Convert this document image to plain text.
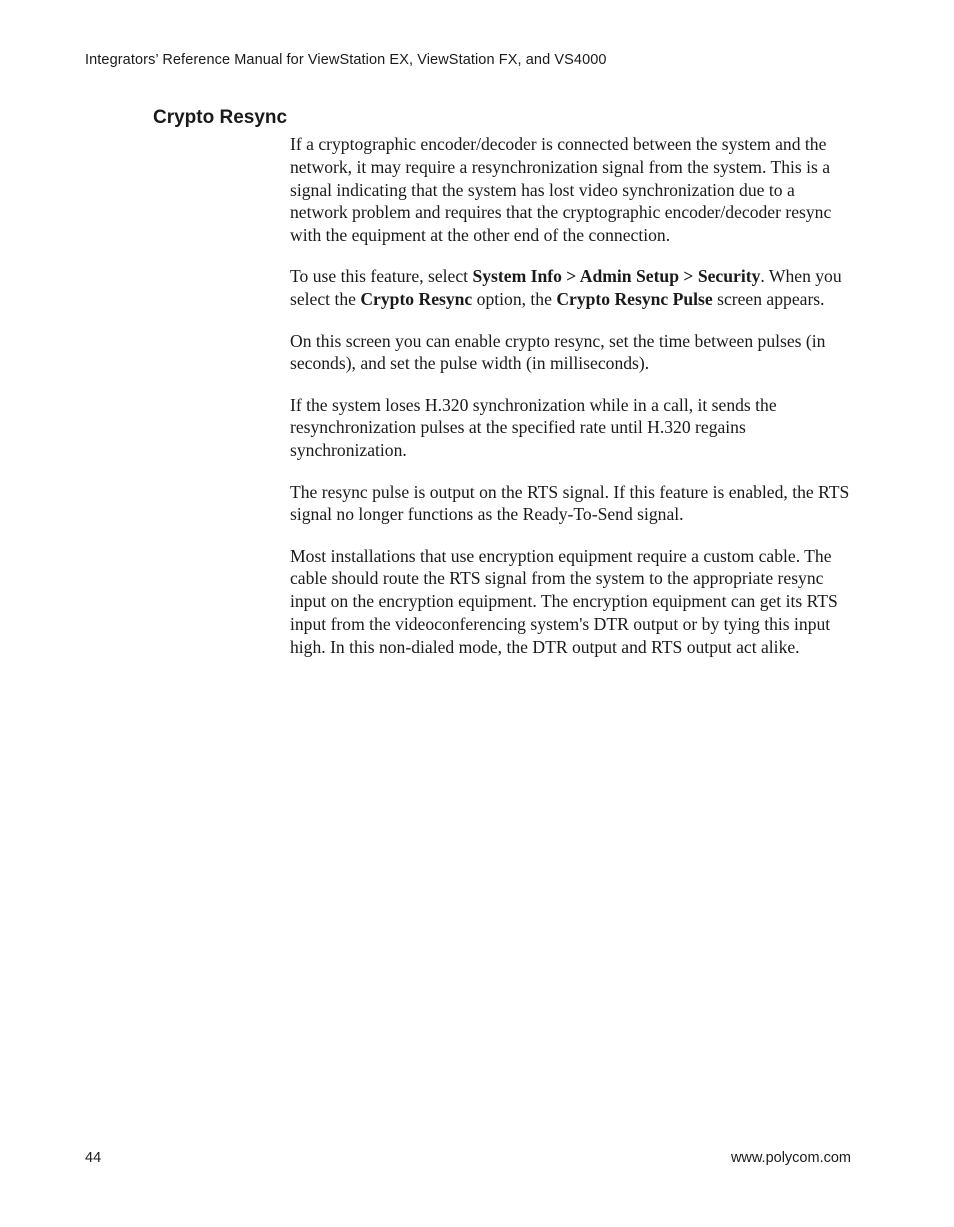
Integrators’ Reference Manual for ViewStation EX, ViewStation FX, and VS4000
Crypto Resync

If a cryptographic encoder/decoder is connected between the system and the network, it may require a resynchronization signal from the system. This is a signal indicating that the system has lost video synchronization due to a network problem and requires that the cryptographic encoder/decoder resync with the equipment at the other end of the connection.

To use this feature, select System Info > Admin Setup > Security. When you select the Crypto Resync option, the Crypto Resync Pulse screen appears.

On this screen you can enable crypto resync, set the time between pulses (in seconds), and set the pulse width (in milliseconds).

If the system loses H.320 synchronization while in a call, it sends the resynchronization pulses at the specified rate until H.320 regains synchronization.

The resync pulse is output on the RTS signal. If this feature is enabled, the RTS signal no longer functions as the Ready-To-Send signal.

Most installations that use encryption equipment require a custom cable. The cable should route the RTS signal from the system to the appropriate resync input on the encryption equipment. The encryption equipment can get its RTS input from the videoconferencing system's DTR output or by tying this input high. In this non-dialed mode, the DTR output and RTS output act alike.

44	www.polycom.com
